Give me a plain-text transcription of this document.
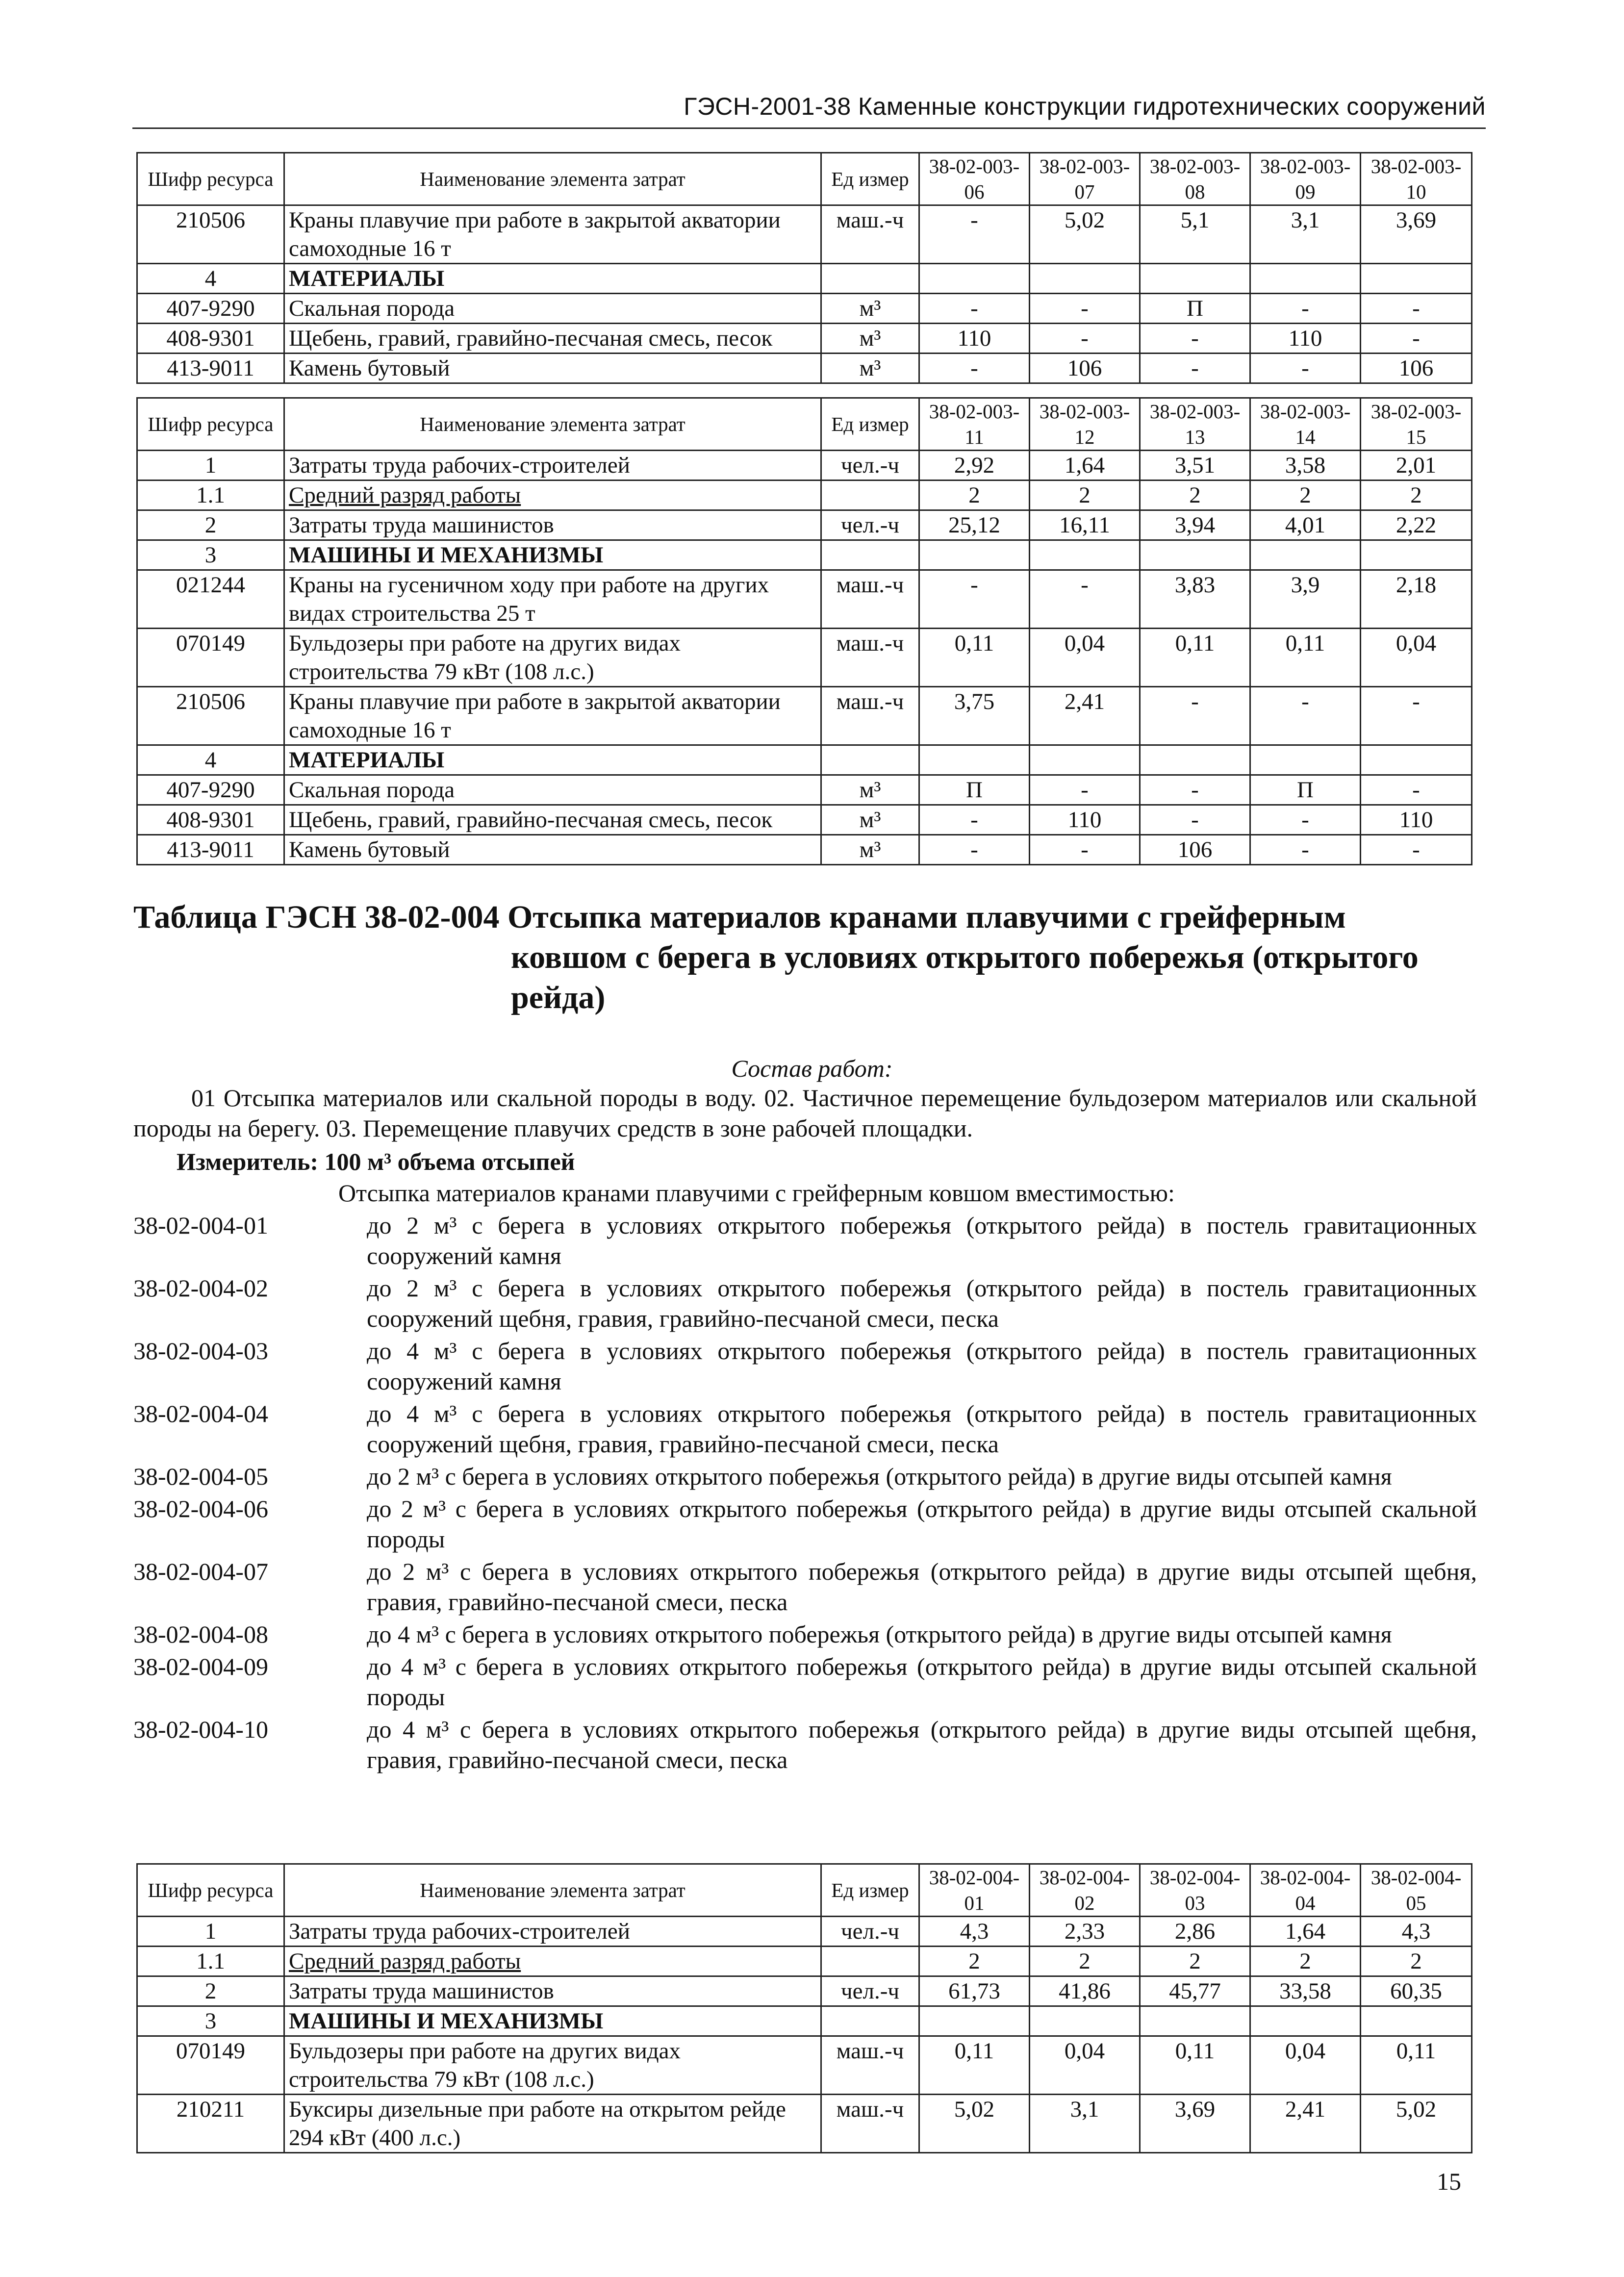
ГЭСН-2001-38 Каменные конструкции гидротехнических сооружений
Шифр ресурса	Наименование элемента затрат	Ед измер	38-02-003-06	38-02-003-07	38-02-003-08	38-02-003-09	38-02-003-10
210506	Краны плавучие при работе в закрытой акватории самоходные 16 т	маш.-ч	-	5,02	5,1	3,1	3,69
4	МАТЕРИАЛЫ						
407-9290	Скальная порода	м³	-	-	П	-	-
408-9301	Щебень, гравий, гравийно-песчаная смесь, песок	м³	110	-	-	110	-
413-9011	Камень бутовый	м³	-	106	-	-	106
Шифр ресурса	Наименование элемента затрат	Ед измер	38-02-003-11	38-02-003-12	38-02-003-13	38-02-003-14	38-02-003-15
1	Затраты труда рабочих-строителей	чел.-ч	2,92	1,64	3,51	3,58	2,01
1.1	Средний разряд работы		2	2	2	2	2
2	Затраты труда машинистов	чел.-ч	25,12	16,11	3,94	4,01	2,22
3	МАШИНЫ И МЕХАНИЗМЫ						
021244	Краны на гусеничном ходу при работе на других видах строительства 25 т	маш.-ч	-	-	3,83	3,9	2,18
070149	Бульдозеры при работе на других видах строительства 79 кВт (108 л.с.)	маш.-ч	0,11	0,04	0,11	0,11	0,04
210506	Краны плавучие при работе в закрытой акватории самоходные 16 т	маш.-ч	3,75	2,41	-	-	-
4	МАТЕРИАЛЫ						
407-9290	Скальная порода	м³	П	-	-	П	-
408-9301	Щебень, гравий, гравийно-песчаная смесь, песок	м³	-	110	-	-	110
413-9011	Камень бутовый	м³	-	-	106	-	-
Таблица ГЭСН 38-02-004 Отсыпка материалов кранами плавучими с грейферным
ковшом с берега в условиях открытого побережья (открытого рейда)
Состав работ:
01 Отсыпка материалов или скальной породы в воду. 02. Частичное перемещение бульдозером материалов или скальной породы на берегу. 03. Перемещение плавучих средств в зоне рабочей площадки.
Измеритель: 100 м³ объема отсыпей
Отсыпка материалов кранами плавучими с грейферным ковшом вместимостью:
38-02-004-01	до 2 м³ с берега в условиях открытого побережья (открытого рейда) в постель гравитационных сооружений камня
38-02-004-02	до 2 м³ с берега в условиях открытого побережья (открытого рейда) в постель гравитационных сооружений щебня, гравия, гравийно-песчаной смеси, песка
38-02-004-03	до 4 м³ с берега в условиях открытого побережья (открытого рейда) в постель гравитационных сооружений камня
38-02-004-04	до 4 м³ с берега в условиях открытого побережья (открытого рейда) в постель гравитационных сооружений щебня, гравия, гравийно-песчаной смеси, песка
38-02-004-05	до 2 м³ с берега в условиях открытого побережья (открытого рейда) в другие виды отсыпей камня
38-02-004-06	до 2 м³ с берега в условиях открытого побережья (открытого рейда) в другие виды отсыпей скальной породы
38-02-004-07	до 2 м³ с берега в условиях открытого побережья (открытого рейда) в другие виды отсыпей щебня, гравия, гравийно-песчаной смеси, песка
38-02-004-08	до 4 м³ с берега в условиях открытого побережья (открытого рейда) в другие виды отсыпей камня
38-02-004-09	до 4 м³ с берега в условиях открытого побережья (открытого рейда) в другие виды отсыпей скальной породы
38-02-004-10	до 4 м³ с берега в условиях открытого побережья (открытого рейда) в другие виды отсыпей щебня, гравия, гравийно-песчаной смеси, песка
Шифр ресурса	Наименование элемента затрат	Ед измер	38-02-004-01	38-02-004-02	38-02-004-03	38-02-004-04	38-02-004-05
1	Затраты труда рабочих-строителей	чел.-ч	4,3	2,33	2,86	1,64	4,3
1.1	Средний разряд работы		2	2	2	2	2
2	Затраты труда машинистов	чел.-ч	61,73	41,86	45,77	33,58	60,35
3	МАШИНЫ И МЕХАНИЗМЫ						
070149	Бульдозеры при работе на других видах строительства 79 кВт (108 л.с.)	маш.-ч	0,11	0,04	0,11	0,04	0,11
210211	Буксиры дизельные при работе на открытом рейде 294 кВт (400 л.с.)	маш.-ч	5,02	3,1	3,69	2,41	5,02
15
